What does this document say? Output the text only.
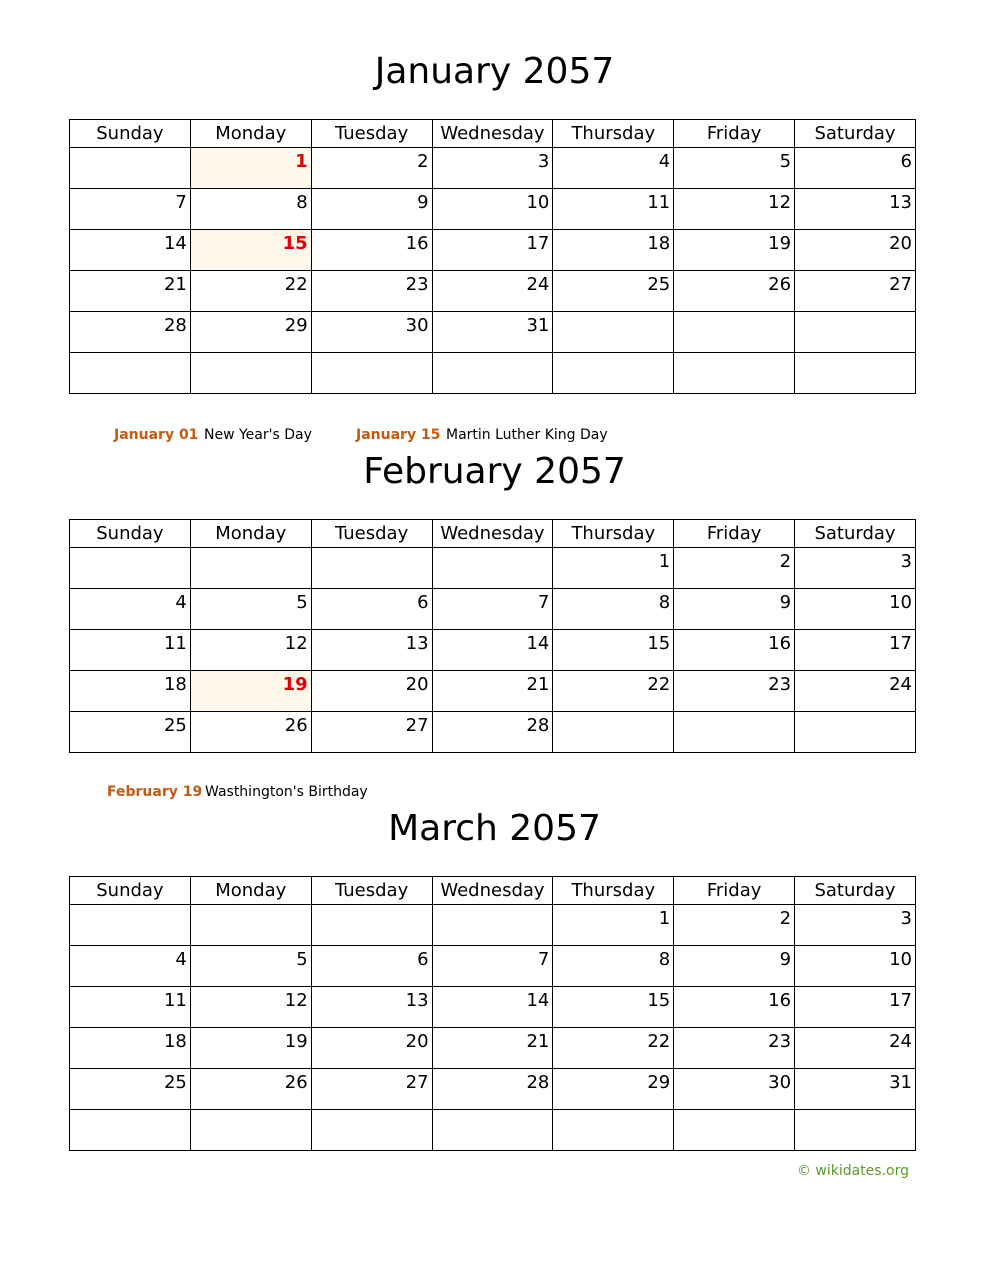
January 2057
Sunday	Monday	Tuesday	Wednesday	Thursday	Friday	Saturday
	1	2	3	4	5	6
7	8	9	10	11	12	13
14	15	16	17	18	19	20
21	22	23	24	25	26	27
28	29	30	31			

January 01 New Year's Day	January 15 Martin Luther King Day
February 2057
Sunday	Monday	Tuesday	Wednesday	Thursday	Friday	Saturday
				1	2	3
4	5	6	7	8	9	10
11	12	13	14	15	16	17
18	19	20	21	22	23	24
25	26	27	28			
February 19 Wasthington's Birthday
March 2057
Sunday	Monday	Tuesday	Wednesday	Thursday	Friday	Saturday
				1	2	3
4	5	6	7	8	9	10
11	12	13	14	15	16	17
18	19	20	21	22	23	24
25	26	27	28	29	30	31

© wikidates.org
